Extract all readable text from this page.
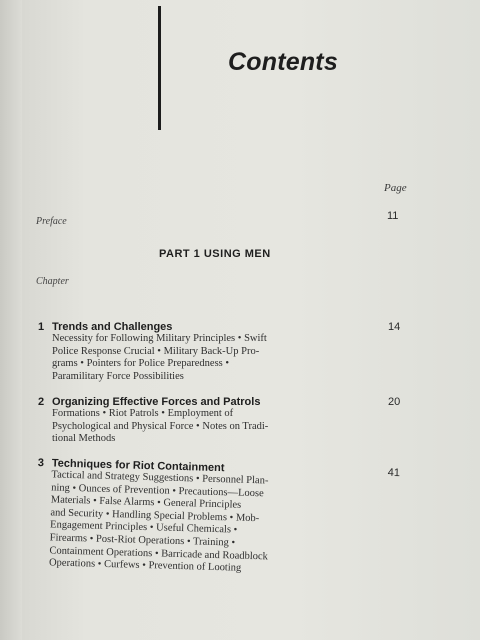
Contents
Page
Preface	11
PART 1 USING MEN
Chapter
1 Trends and Challenges
Necessity for Following Military Principles • Swift
Police Response Crucial • Military Back-Up Pro-
grams • Pointers for Police Preparedness •
Paramilitary Force Possibilities
14
2 Organizing Effective Forces and Patrols
Formations • Riot Patrols • Employment of
Psychological and Physical Force • Notes on Tradi-
tional Methods
20
3 Techniques for Riot Containment
Tactical and Strategy Suggestions • Personnel Plan-
ning • Ounces of Prevention • Precautions—Loose
Materials • False Alarms • General Principles
and Security • Handling Special Problems • Mob-
Engagement Principles • Useful Chemicals •
Firearms • Post-Riot Operations • Training •
Containment Operations • Barricade and Roadblock
Operations • Curfews • Prevention of Looting
41
